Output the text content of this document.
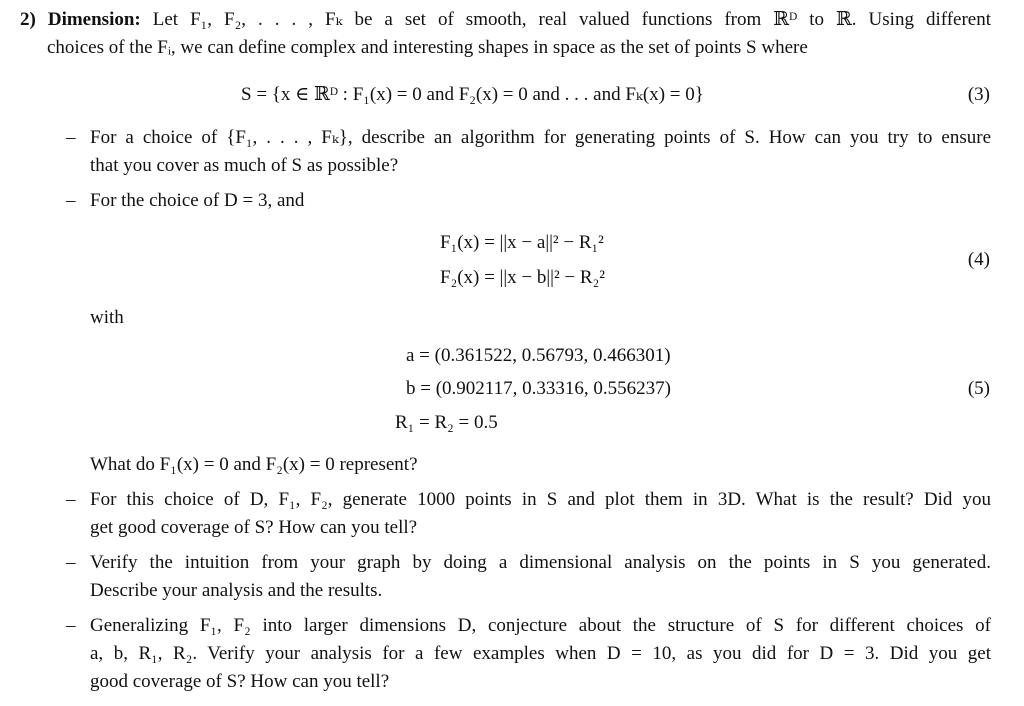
2) Dimension: Let F₁, F₂, . . . , Fₖ be a set of smooth, real valued functions from ℝᴰ to ℝ. Using different
choices of the Fᵢ, we can define complex and interesting shapes in space as the set of points S where
S = {x ∈ ℝᴰ : F₁(x) = 0 and F₂(x) = 0 and . . . and Fₖ(x) = 0}	(3)
– For a choice of {F₁, . . . , Fₖ}, describe an algorithm for generating points of S. How can you try to ensure
that you cover as much of S as possible?
– For the choice of D = 3, and
F₁(x) = ||x − a||² − R₁²
F₂(x) = ||x − b||² − R₂²
(4)
with
a = (0.361522, 0.56793, 0.466301)
b = (0.902117, 0.33316, 0.556237)
R₁ = R₂ = 0.5
(5)
What do F₁(x) = 0 and F₂(x) = 0 represent?
– For this choice of D, F₁, F₂, generate 1000 points in S and plot them in 3D. What is the result? Did you
get good coverage of S? How can you tell?
– Verify the intuition from your graph by doing a dimensional analysis on the points in S you generated.
Describe your analysis and the results.
– Generalizing F₁, F₂ into larger dimensions D, conjecture about the structure of S for different choices of
a, b, R₁, R₂. Verify your analysis for a few examples when D = 10, as you did for D = 3. Did you get
good coverage of S? How can you tell?
